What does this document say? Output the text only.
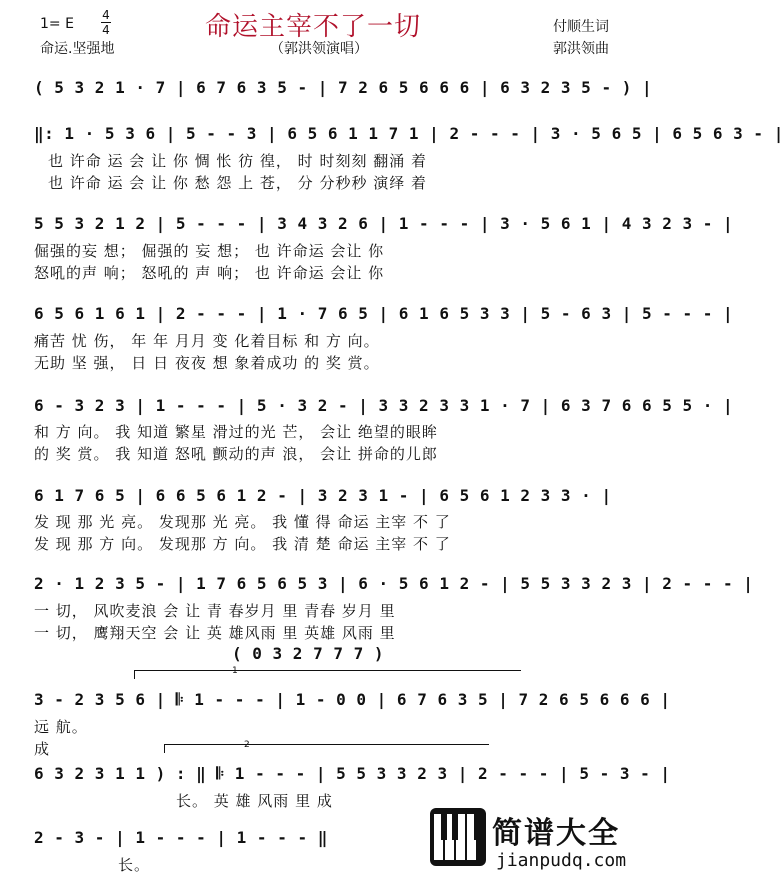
命运主宰不了一切
1= E
4
4
命运.坚强地	（郭洪领演唱）
付顺生词
郭洪领曲
( 5 3 2 1 · 7 | 6 7 6 3 5 - | 7 2 6 5 6 6 6 | 6 3 2 3 5 - ) |
‖: 1 · 5 3 6 | 5 - - 3 | 6 5 6 1 1 7 1 | 2 - - - | 3 · 5 6 5 | 6 5 6 3 - |
也 许命 运 会 让 你 惆 怅 彷 徨， 时 时刻刻 翻涌 着
也 许命 运 会 让 你 愁 怨 上 苍， 分 分秒秒 演绎 着
5 5 3 2 1 2 | 5 - - - | 3 4 3 2 6 | 1 - - - | 3 · 5 6 1 | 4 3 2 3 - |
倔强的妄 想； 倔强的 妄 想； 也 许命运 会让 你
怒吼的声 响； 怒吼的 声 响； 也 许命运 会让 你
6 5 6 1 6 1 | 2 - - - | 1 · 7 6 5 | 6 1 6 5 3 3 | 5 - 6 3 | 5 - - - |
痛苦 忧 伤， 年 年 月月 变 化着目标 和 方 向。
无助 坚 强， 日 日 夜夜 想 象着成功 的 奖 赏。
6 - 3 2 3 | 1 - - - | 5 · 3 2 - | 3 3 2 3 3 1 · 7 | 6 3 7 6 6 5 5 · |
和 方 向。 我 知道 繁星 滑过的光 芒， 会让 绝望的眼眸
的 奖 赏。 我 知道 怒吼 颤动的声 浪， 会让 拼命的儿郎
6 1 7 6 5 | 6 6 5 6 1 2 - | 3 2 3 1 - | 6 5 6 1 2 3 3 · |
发 现 那 光 亮。 发现那 光 亮。 我 懂 得 命运 主宰 不 了
发 现 那 方 向。 发现那 方 向。 我 清 楚 命运 主宰 不 了
2 · 1 2 3 5 - | 1 7 6 5 6 5 3 | 6 · 5 6 1 2 - | 5 5 3 3 2 3 | 2 - - - |
一 切， 风吹麦浪 会 让 青 春岁月 里 青春 岁月 里
一 切， 鹰翔天空 会 让 英 雄风雨 里 英雄 风雨 里
( 0 3 2 7 7 7 )
1
3 - 2 3 5 6 | 𝄆 1 - - - | 1 - 0 0 | 6 7 6 3 5 | 7 2 6 5 6 6 6 |
远 航。
成	2
6 3 2 3 1 1 ) : ‖ 𝄆 1 - - - | 5 5 3 3 2 3 | 2 - - - | 5 - 3 - |
长。 英 雄 风雨 里 成
2 - 3 - | 1 - - - | 1 - - - ‖
长。
简谱大全
jianpudq.com
